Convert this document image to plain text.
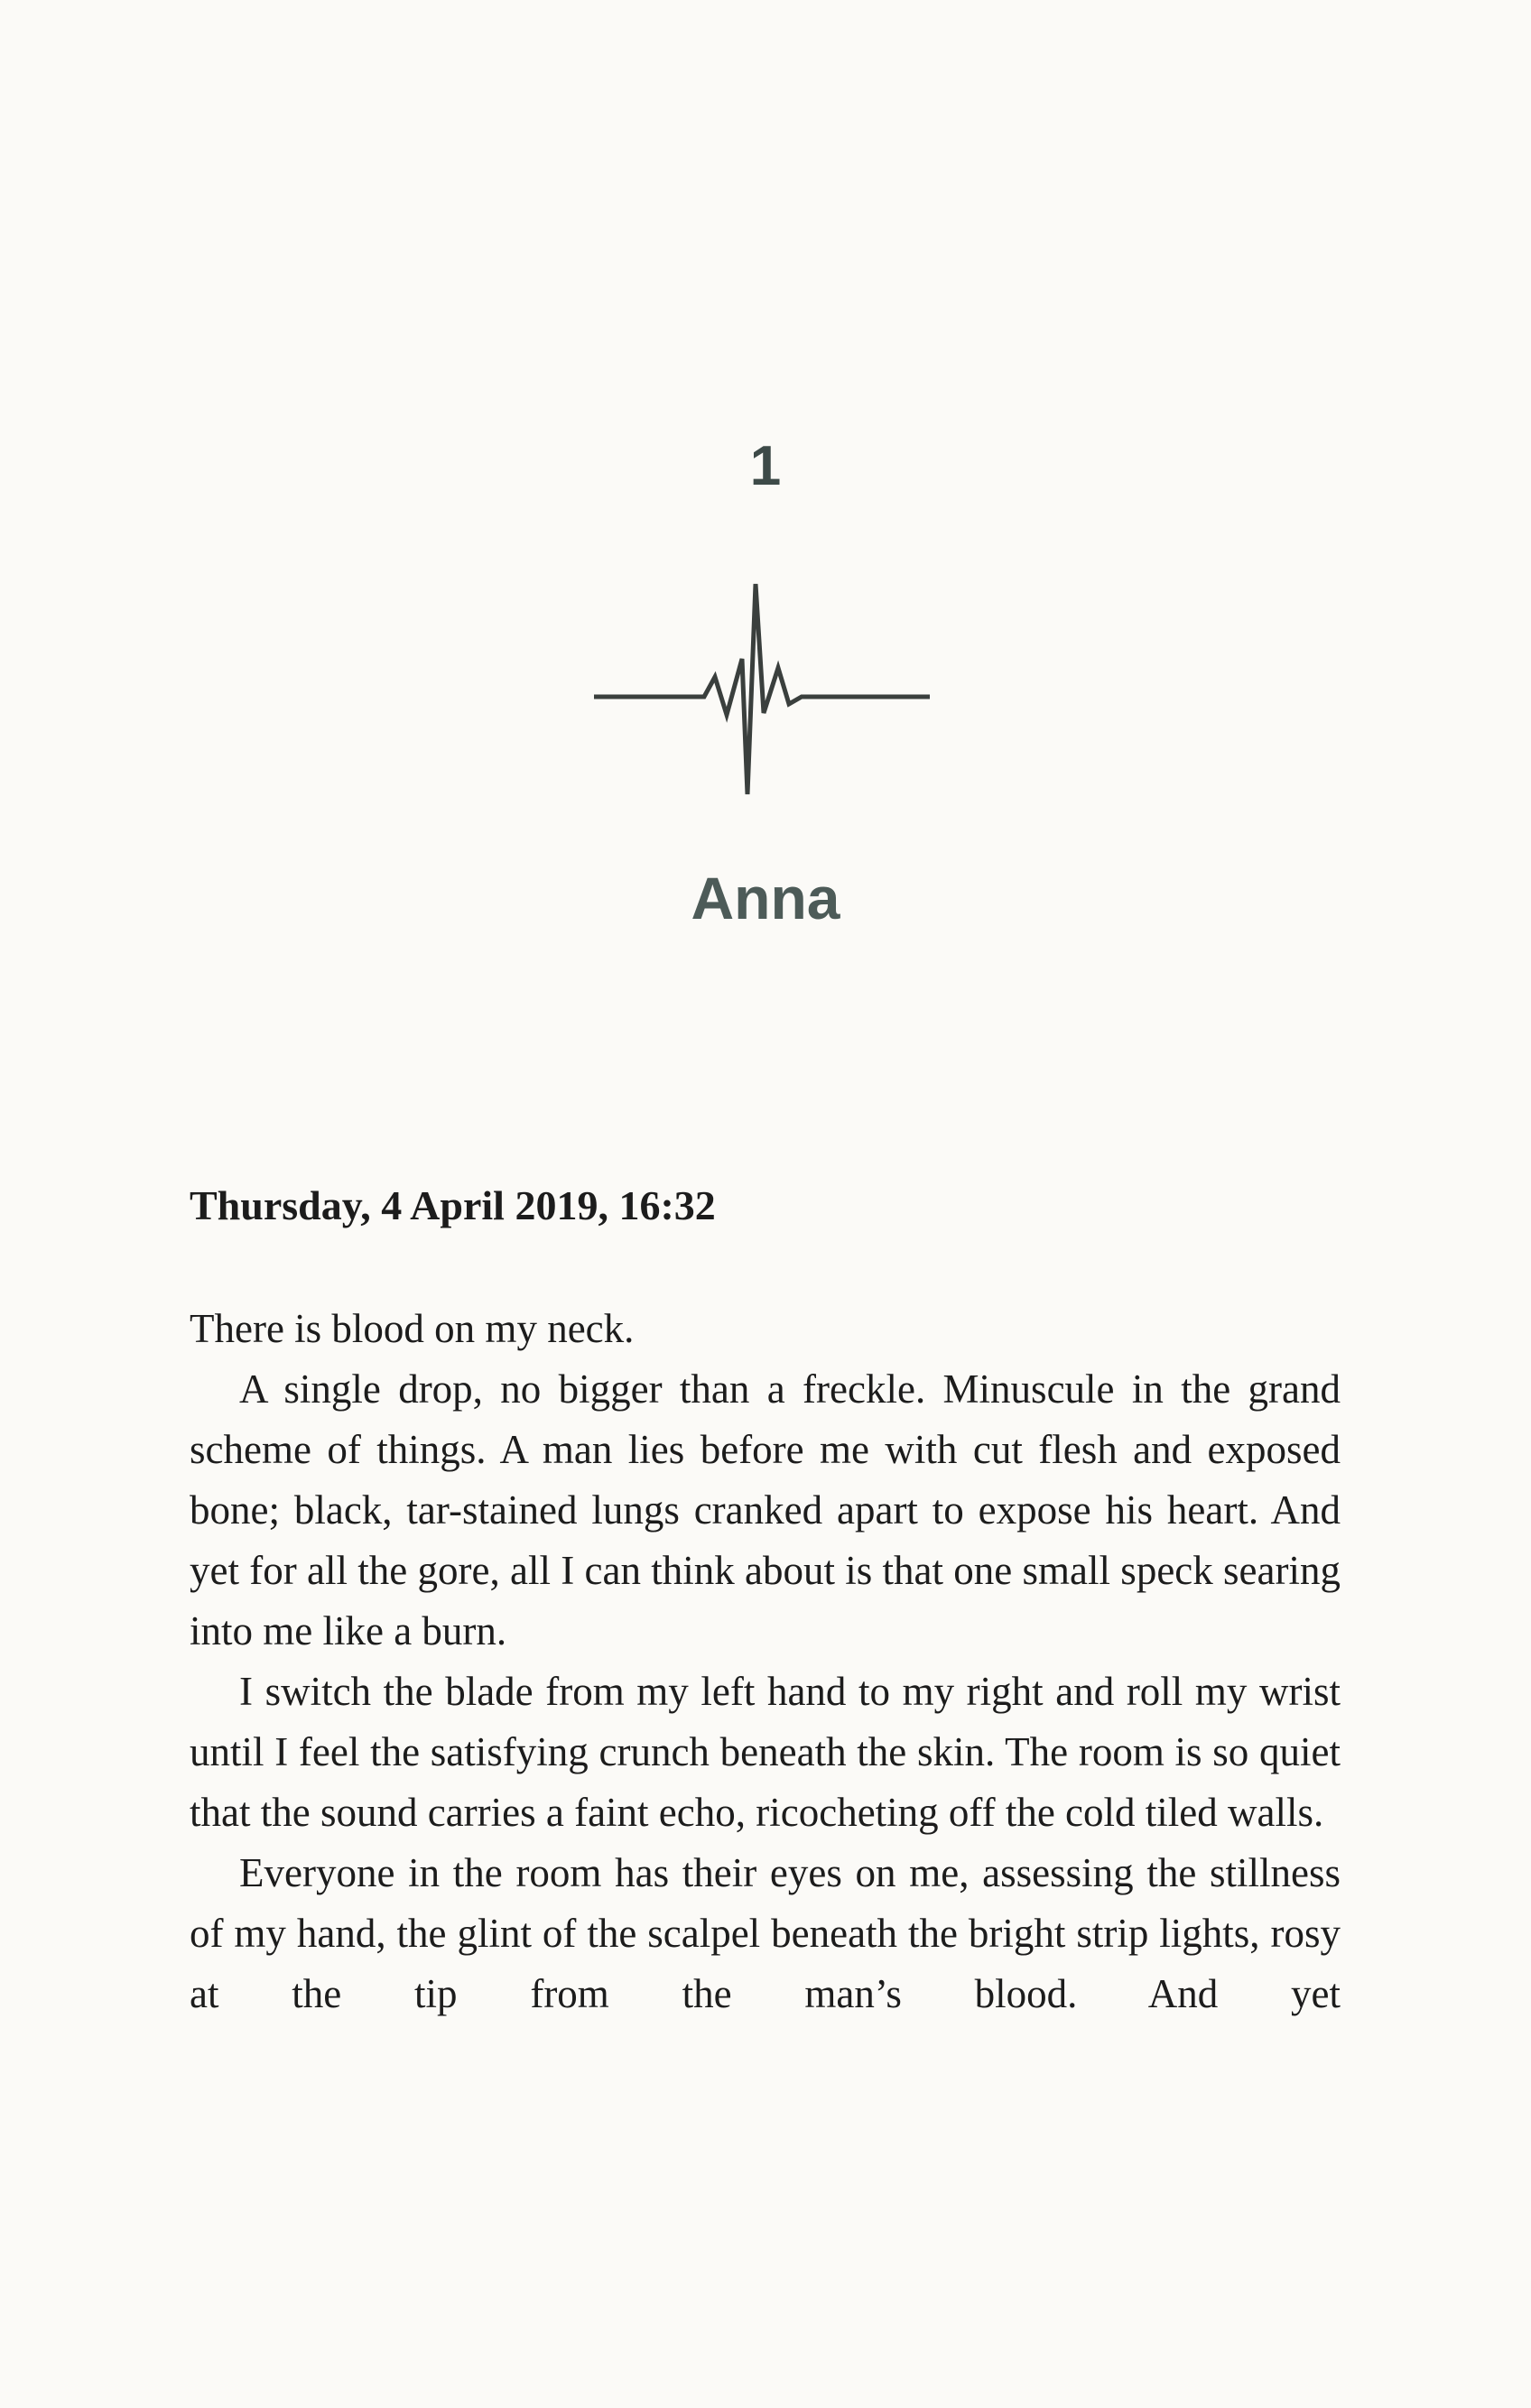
1
Anna
Thursday, 4 April 2019, 16:32

There is blood on my neck.

A single drop, no bigger than a freckle. Minuscule in the grand scheme of things. A man lies before me with cut flesh and exposed bone; black, tar-stained lungs cranked apart to expose his heart. And yet for all the gore, all I can think about is that one small speck searing into me like a burn.

I switch the blade from my left hand to my right and roll my wrist until I feel the satisfying crunch beneath the skin. The room is so quiet that the sound carries a faint echo, ricocheting off the cold tiled walls.

Everyone in the room has their eyes on me, assessing the stillness of my hand, the glint of the scalpel beneath the bright strip lights, rosy at the tip from the man’s blood. And yet
